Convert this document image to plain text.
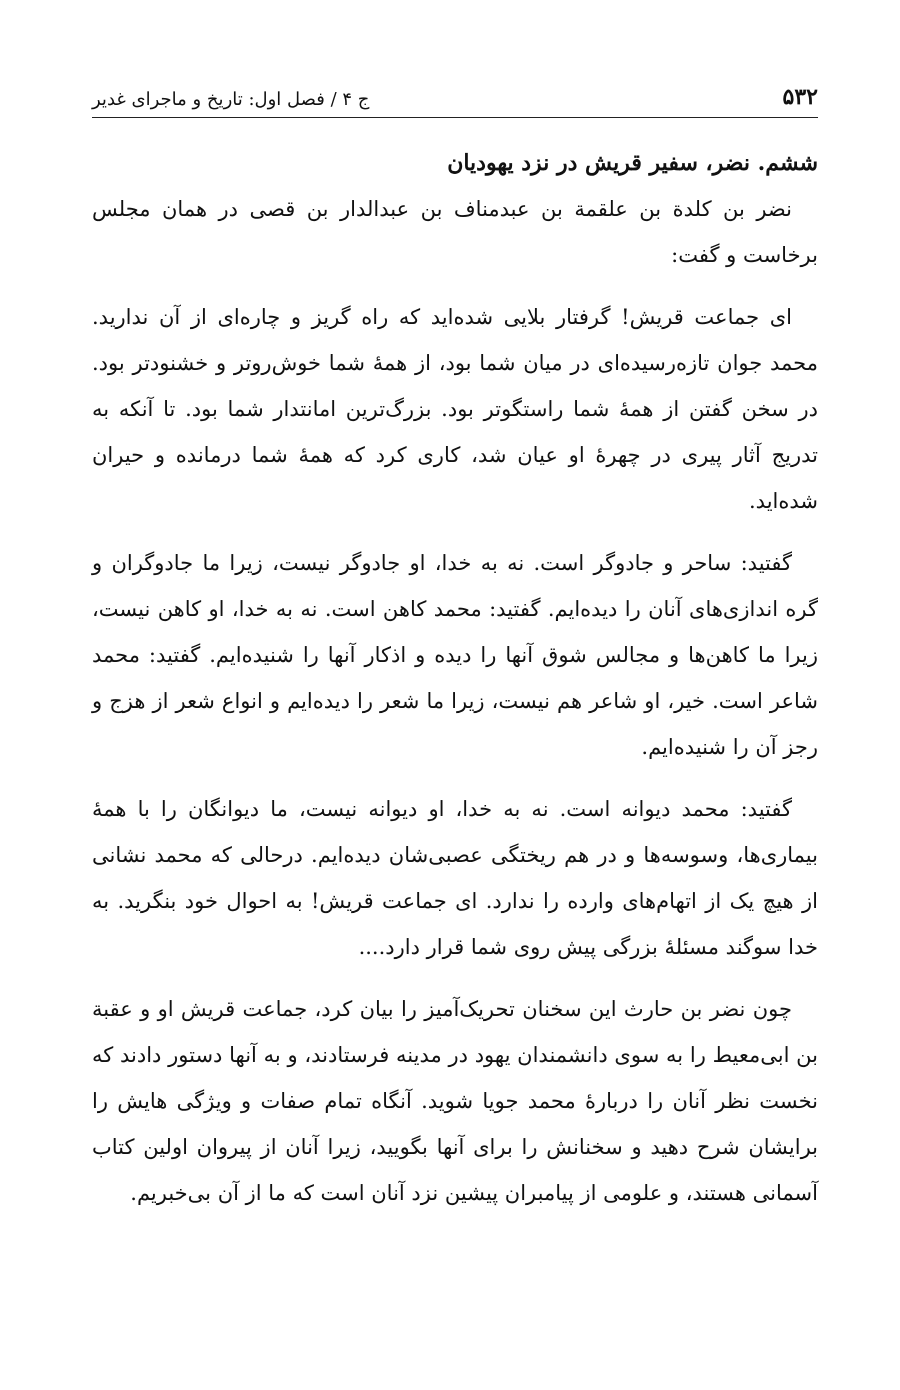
۵۳۲
ج ۴ / فصل اول: تاریخ و ماجرای غدیر

ششم. نضر، سفیر قریش در نزد یهودیان

نضر بن کلدة بن علقمة بن عبدمناف بن عبدالدار بن قصی در همان مجلس برخاست و گفت:

ای جماعت قریش! گرفتار بلایی شده‌اید که راه گریز و چاره‌ای از آن ندارید. محمد جوان تازه‌رسیده‌ای در میان شما بود، از همهٔ شما خوش‌روتر و خشنودتر بود. در سخن گفتن از همهٔ شما راستگوتر بود. بزرگ‌ترین امانتدار شما بود. تا آنکه به تدریج آثار پیری در چهرهٔ او عیان شد، کاری کرد که همهٔ شما درمانده و حیران شده‌اید.

گفتید: ساحر و جادوگر است. نه به خدا، او جادوگر نیست، زیرا ما جادوگران و گره اندازی‌های آنان را دیده‌ایم. گفتید: محمد کاهن است. نه به خدا، او کاهن نیست، زیرا ما کاهن‌ها و مجالس شوق آنها را دیده و اذکار آنها را شنیده‌ایم. گفتید: محمد شاعر است. خیر، او شاعر هم نیست، زیرا ما شعر را دیده‌ایم و انواع شعر از هزج و رجز آن را شنیده‌ایم.

گفتید: محمد دیوانه است. نه به خدا، او دیوانه نیست، ما دیوانگان را با همهٔ بیماری‌ها، وسوسه‌ها و در هم ریختگی عصبی‌شان دیده‌ایم. درحالی که محمد نشانی از هیچ یک از اتهام‌های وارده را ندارد. ای جماعت قریش! به احوال خود بنگرید. به خدا سوگند مسئلهٔ بزرگی پیش روی شما قرار دارد....

چون نضر بن حارث این سخنان تحریک‌آمیز را بیان کرد، جماعت قریش او و عقبة بن ابی‌معیط را به سوی دانشمندان یهود در مدینه فرستادند، و به آنها دستور دادند که نخست نظر آنان را دربارهٔ محمد جویا شوید. آنگاه تمام صفات و ویژگی هایش را برایشان شرح دهید و سخنانش را برای آنها بگویید، زیرا آنان از پیروان اولین کتاب آسمانی هستند، و علومی از پیامبران پیشین نزد آنان است که ما از آن بی‌خبریم.
